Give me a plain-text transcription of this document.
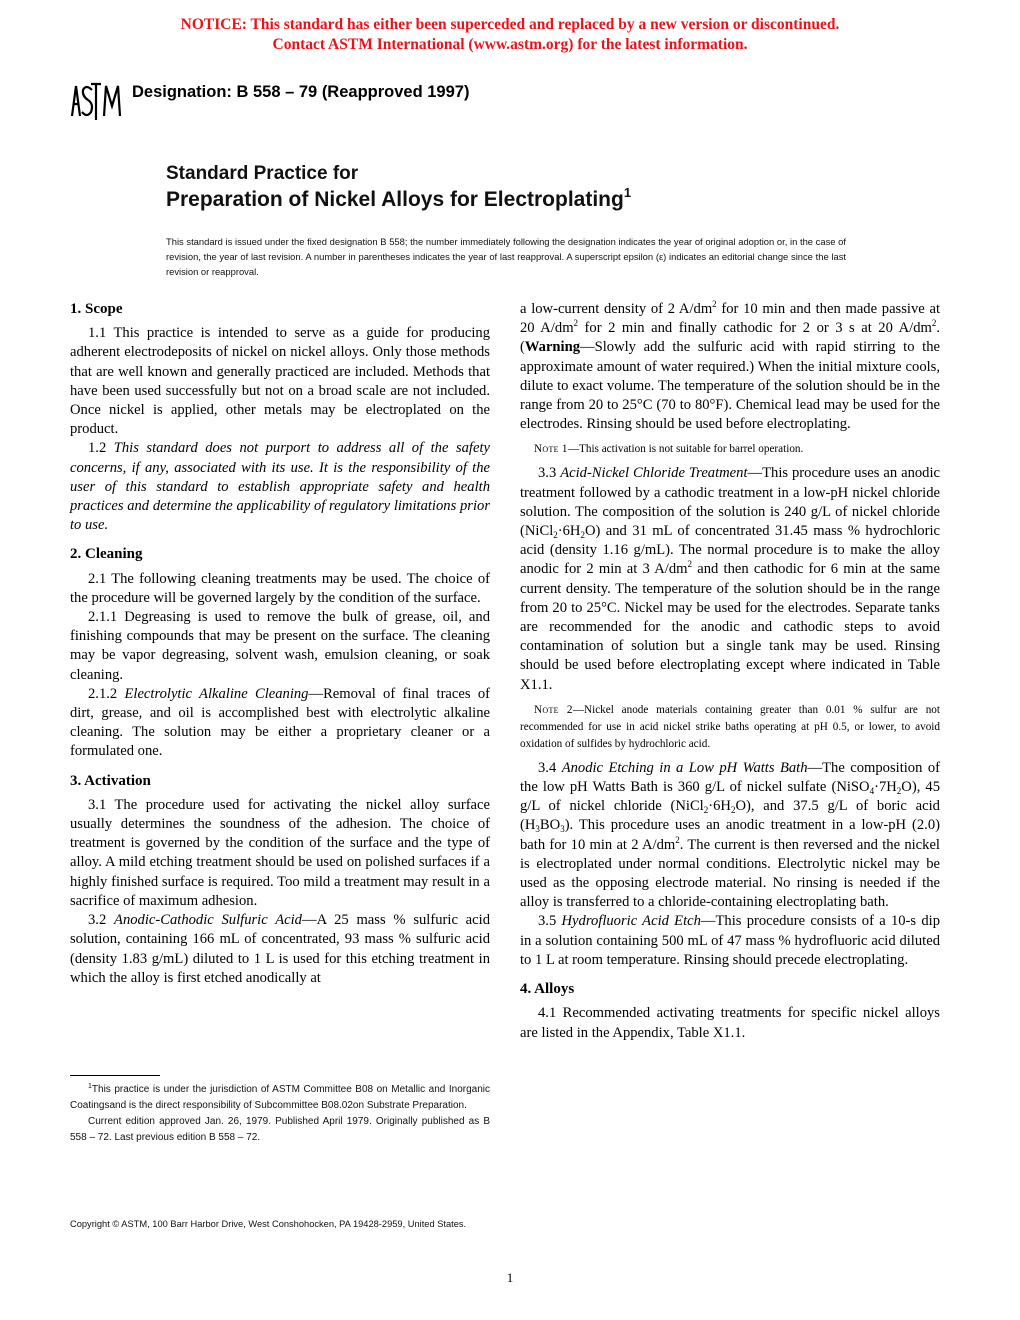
NOTICE: This standard has either been superceded and replaced by a new version or discontinued.
Contact ASTM International (www.astm.org) for the latest information.
Designation: B 558 – 79 (Reapproved 1997)
Standard Practice for
Preparation of Nickel Alloys for Electroplating$^1$
This standard is issued under the fixed designation B 558; the number immediately following the designation indicates the year of original adoption or, in the case of revision, the year of last revision. A number in parentheses indicates the year of last reapproval. A superscript epsilon (ε) indicates an editorial change since the last revision or reapproval.
1. Scope

1.1 This practice is intended to serve as a guide for producing adherent electrodeposits of nickel on nickel alloys. Only those methods that are well known and generally practiced are included. Methods that have been used successfully but not on a broad scale are not included. Once nickel is applied, other metals may be electroplated on the product.

1.2 This standard does not purport to address all of the safety concerns, if any, associated with its use. It is the responsibility of the user of this standard to establish appropriate safety and health practices and determine the applicability of regulatory limitations prior to use.

2. Cleaning

2.1 The following cleaning treatments may be used. The choice of the procedure will be governed largely by the condition of the surface.

2.1.1 Degreasing is used to remove the bulk of grease, oil, and finishing compounds that may be present on the surface. The cleaning may be vapor degreasing, solvent wash, emulsion cleaning, or soak cleaning.

2.1.2 Electrolytic Alkaline Cleaning—Removal of final traces of dirt, grease, and oil is accomplished best with electrolytic alkaline cleaning. The solution may be either a proprietary cleaner or a formulated one.

3. Activation

3.1 The procedure used for activating the nickel alloy surface usually determines the soundness of the adhesion. The choice of treatment is governed by the condition of the surface and the type of alloy. A mild etching treatment should be used on polished surfaces if a highly finished surface is required. Too mild a treatment may result in a sacrifice of maximum adhesion.

3.2 Anodic-Cathodic Sulfuric Acid—A 25 mass % sulfuric acid solution, containing 166 mL of concentrated, 93 mass % sulfuric acid (density 1.83 g/mL) diluted to 1 L is used for this etching treatment in which the alloy is first etched anodically at

$^1$This practice is under the jurisdiction of ASTM Committee B08 on Metallic and Inorganic Coatingsand is the direct responsibility of Subcommittee B08.02on Substrate Preparation.

Current edition approved Jan. 26, 1979. Published April 1979. Originally published as B 558 – 72. Last previous edition B 558 – 72.

a low-current density of 2 $A/dm^2$ for 10 min and then made passive at 20 $A/dm^2$ for 2 min and finally cathodic for 2 or 3 s at 20 $A/dm^2$. (Warning—Slowly add the sulfuric acid with rapid stirring to the approximate amount of water required.) When the initial mixture cools, dilute to exact volume. The temperature of the solution should be in the range from 20 to 25°C (70 to 80°F). Chemical lead may be used for the electrodes. Rinsing should be used before electroplating.

Note 1—This activation is not suitable for barrel operation.

3.3 Acid-Nickel Chloride Treatment—This procedure uses an anodic treatment followed by a cathodic treatment in a low-pH nickel chloride solution. The composition of the solution is 240 g/L of nickel chloride $(NiCl_2\cdot 6H_2O)$ and 31 mL of concentrated 31.45 mass % hydrochloric acid (density 1.16 g/mL). The normal procedure is to make the alloy anodic for 2 min at 3 $A/dm^2$ and then cathodic for 6 min at the same current density. The temperature of the solution should be in the range from 20 to 25°C. Nickel may be used for the electrodes. Separate tanks are recommended for the anodic and cathodic steps to avoid contamination of solution but a single tank may be used. Rinsing should be used before electroplating except where indicated in Table X1.1.

Note 2—Nickel anode materials containing greater than 0.01 % sulfur are not recommended for use in acid nickel strike baths operating at pH 0.5, or lower, to avoid oxidation of sulfides by hydrochloric acid.

3.4 Anodic Etching in a Low pH Watts Bath—The composition of the low pH Watts Bath is 360 g/L of nickel sulfate $(NiSO_4\cdot 7H_2O)$, 45 g/L of nickel chloride $(NiCl_2\cdot 6H_2O)$, and 37.5 g/L of boric acid $(H_3BO_3)$. This procedure uses an anodic treatment in a low-pH (2.0) bath for 10 min at 2 $A/dm^2$. The current is then reversed and the nickel is electroplated under normal conditions. Electrolytic nickel may be used as the opposing electrode material. No rinsing is needed if the alloy is transferred to a chloride-containing electroplating bath.

3.5 Hydrofluoric Acid Etch—This procedure consists of a 10-s dip in a solution containing 500 mL of 47 mass % hydrofluoric acid diluted to 1 L at room temperature. Rinsing should precede electroplating.

4. Alloys

4.1 Recommended activating treatments for specific nickel alloys are listed in the Appendix, Table X1.1.

Copyright © ASTM, 100 Barr Harbor Drive, West Conshohocken, PA 19428-2959, United States.
1
